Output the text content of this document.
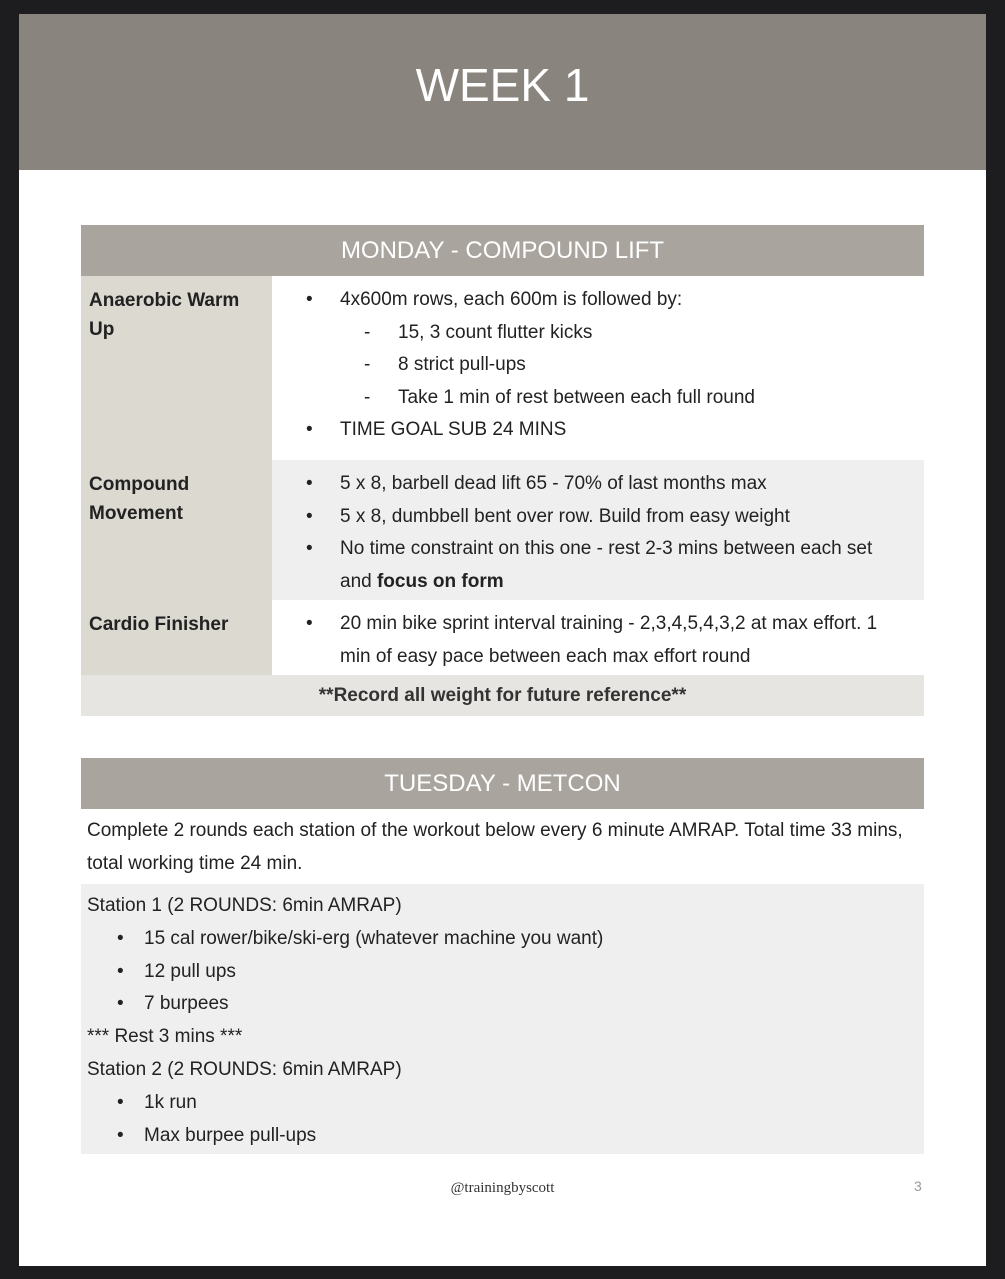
WEEK 1
MONDAY - COMPOUND LIFT
Anaerobic Warm Up
• 4x600m rows, each 600m is followed by:
- 15, 3 count flutter kicks
- 8 strict pull-ups
- Take 1 min of rest between each full round
• TIME GOAL SUB 24 MINS
Compound Movement
• 5 x 8, barbell dead lift 65 - 70% of last months max
• 5 x 8, dumbbell bent over row. Build from easy weight
• No time constraint on this one - rest 2-3 mins between each set and focus on form
Cardio Finisher	• 20 min bike sprint interval training - 2,3,4,5,4,3,2 at max effort. 1 min of easy pace between each max effort round
**Record all weight for future reference**
TUESDAY - METCON
Complete 2 rounds each station of the workout below every 6 minute AMRAP. Total time 33 mins, total working time 24 min.
Station 1 (2 ROUNDS: 6min AMRAP)
• 15 cal rower/bike/ski-erg (whatever machine you want)
• 12 pull ups
• 7 burpees
*** Rest 3 mins ***
Station 2 (2 ROUNDS: 6min AMRAP)
• 1k run
• Max burpee pull-ups
@trainingbyscott	3
